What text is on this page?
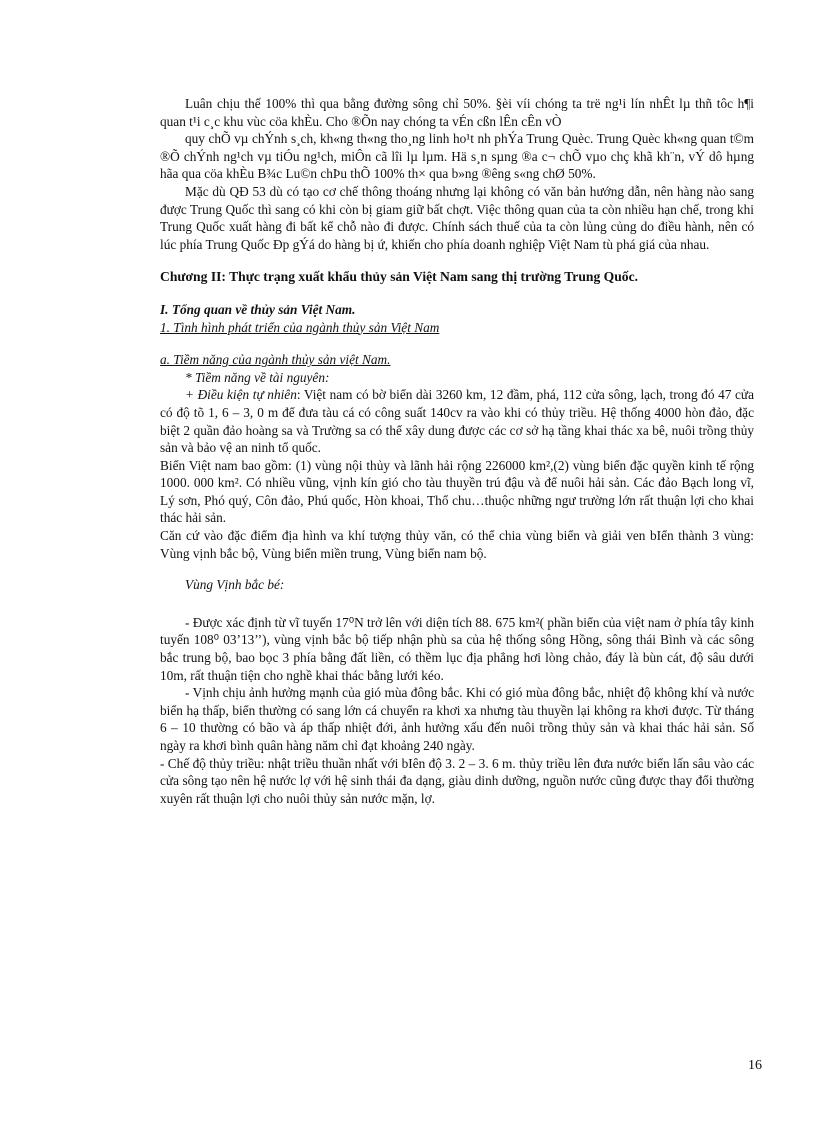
Luân chịu thế 100% thì qua bằng đường sông chỉ 50%. §èi víi chóng ta trë ng¹i lín nhÊt lµ thñ tôc h¶i quan t¹i c¸c khu vùc cöa khÈu. Cho ®Õn nay chóng ta vÉn cßn lÊn cÊn vÒ

quy chÕ vµ chÝnh s¸ch, kh«ng th«ng tho¸ng linh ho¹t nh phÝa Trung Quèc. Trung Quèc kh«ng quan t©m ®Õ chÝnh ng¹ch vµ tiÓu ng¹ch, miÔn cã lîi lµ lµm. Hä s¸n sµng ®a c¬ chÕ vµo chç khã kh¨n, vÝ dô hµng hãa qua cöa khÈu B¾c Lu©n chÞu thÕ 100% th× qua b»ng ®êng s«ng chØ 50%.

Mặc dù QĐ 53 dù có tạo cơ chế thông thoáng nhưng lại không có văn bản hướng dẫn, nên hàng nào sang được Trung Quốc thì sang có khi còn bị giam giữ bất chợt. Việc thông quan của ta còn nhiều hạn chế, trong khi Trung Quốc xuất hàng đi bất kể chỗ nào đi được. Chính sách thuế của ta còn lủng củng do điều hành, nên có lúc phía Trung Quốc Ðp gÝá do hàng bị ứ, khiến cho phía doanh nghiệp Việt Nam tù phá giá của nhau.

Chương II: Thực trạng xuất khẩu thủy sản Việt Nam sang thị trường Trung Quốc.

I. Tổng quan về thủy sản Việt Nam.

1. Tình hình phát triển của ngành thủy sản Việt Nam

a. Tiềm năng của ngành thủy sản việt Nam.

* Tiềm năng về tài nguyên:

+ Điều kiện tự nhiên: Việt nam có bờ biển dài 3260 km, 12 đầm, phá, 112 cửa sông, lạch, trong đó 47 cửa có độ tõ 1, 6 – 3, 0 m để đưa tàu cá có công suất 140cv ra vào khi có thủy triều. Hệ thống 4000 hòn đảo, đặc biệt 2 quần đảo hoàng sa và Trường sa có thể xây dung được các cơ sở hạ tầng khai thác xa bê, nuôi trồng thủy sản và bảo vệ an ninh tổ quốc.

Biển Việt nam bao gồm: (1) vùng nội thủy và lãnh hải rộng 226000 km²,(2) vùng biển đặc quyền kinh tế rộng 1000. 000 km². Có nhiều vũng, vịnh kín gió cho tàu thuyền trú đậu và để nuôi hải sản. Các đảo Bạch long vĩ, Lý sơn, Phó quý, Côn đảo, Phú quốc, Hòn khoai, Thổ chu…thuộc những ngư trường lớn rất thuận lợi cho khai thác hải sản.

Căn cứ vào đặc điểm địa hình va khí tượng thủy văn, có thể chia vùng biển và giải ven bIển thành 3 vùng: Vùng vịnh bắc bộ, Vùng biển miền trung, Vùng biển nam bộ.

Vùng Vịnh bắc bé:

- Được xác định từ vĩ tuyến 17⁰N trở lên với diện tích 88. 675 km²( phần biển của việt nam ở phía tây kinh tuyến 108⁰ 03’13’’), vùng vịnh bắc bộ tiếp nhận phù sa của hệ thống sông Hồng, sông thái Bình và các sông bắc trung bộ, bao bọc 3 phía bằng đất liền, có thềm lục địa phẳng hơi lòng chảo, đáy là bùn cát, độ sâu dưới 10m, rất thuận tiện cho nghề khai thác bằng lưới kéo.

- Vịnh chịu ảnh hưởng mạnh của gió mùa đông bắc. Khi có gió mùa đông bắc, nhiệt độ không khí và nước biển hạ thấp, biển thường có sang lớn cá chuyển ra khơi xa nhưng tàu thuyền lại không ra khơi được. Từ tháng 6 – 10 thường có bão và áp thấp nhiệt đới, ảnh hưởng xấu đến nuôi trồng thủy sản và khai thác hải sản. Số ngày ra khơi bình quân hàng năm chỉ đạt khoảng 240 ngày.

- Chế độ thủy triều: nhật triều thuần nhất với bIên độ 3. 2 – 3. 6 m. thủy triều lên đưa nước biển lấn sâu vào các cửa sông tạo nên hệ nước lợ với hệ sinh thái đa dạng, giàu dinh dưỡng, nguồn nước cũng được thay đổi thường xuyên rất thuận lợi cho nuôi thủy sản nước mặn, lợ.

16
